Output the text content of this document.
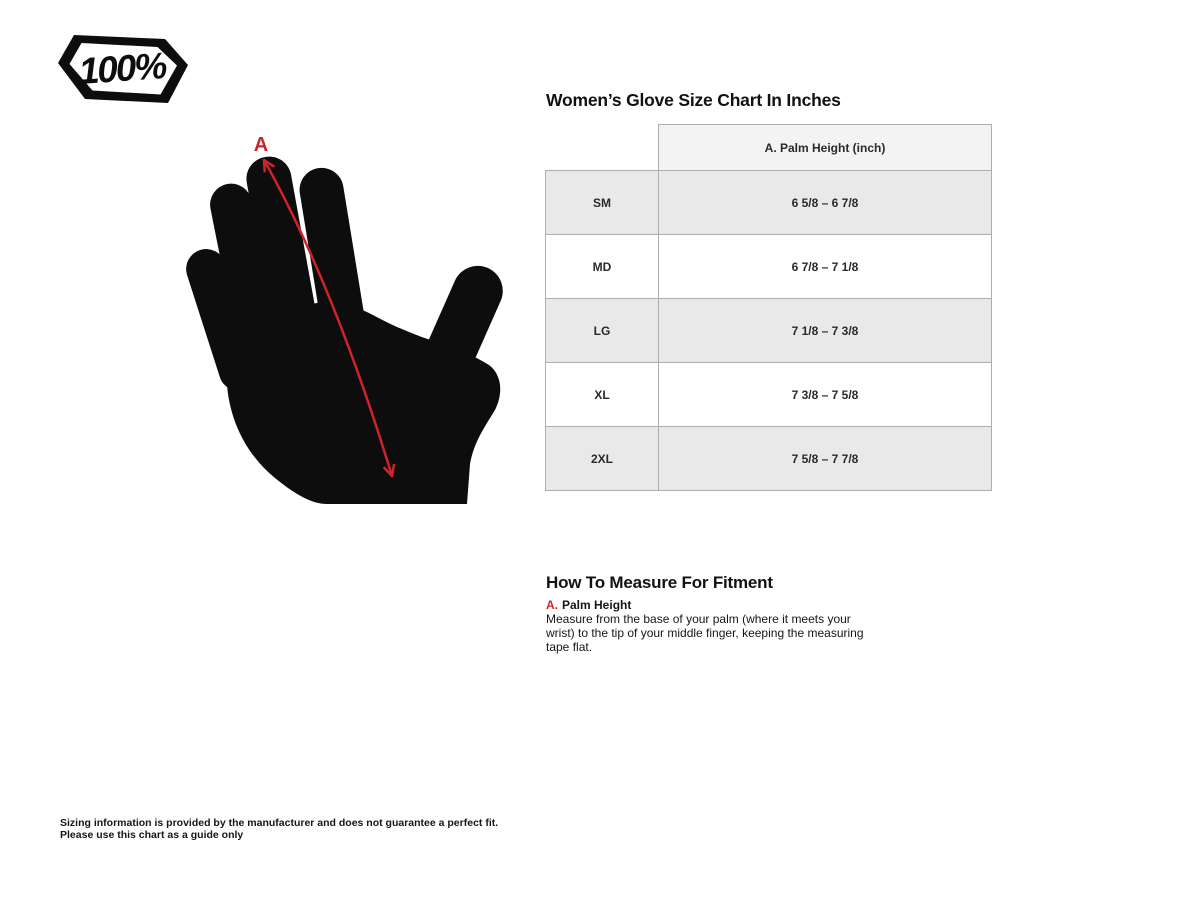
100%
A
Women’s Glove Size Chart In Inches
	A. Palm Height (inch)
SM	6 5/8 – 6 7/8
MD	6 7/8 – 7 1/8
LG	7 1/8 – 7 3/8
XL	7 3/8 – 7 5/8
2XL	7 5/8 – 7 7/8
How To Measure For Fitment
A. Palm Height
Measure from the base of your palm (where it meets your
wrist) to the tip of your middle finger, keeping the measuring
tape flat.
Sizing information is provided by the manufacturer and does not guarantee a perfect fit.
Please use this chart as a guide only
